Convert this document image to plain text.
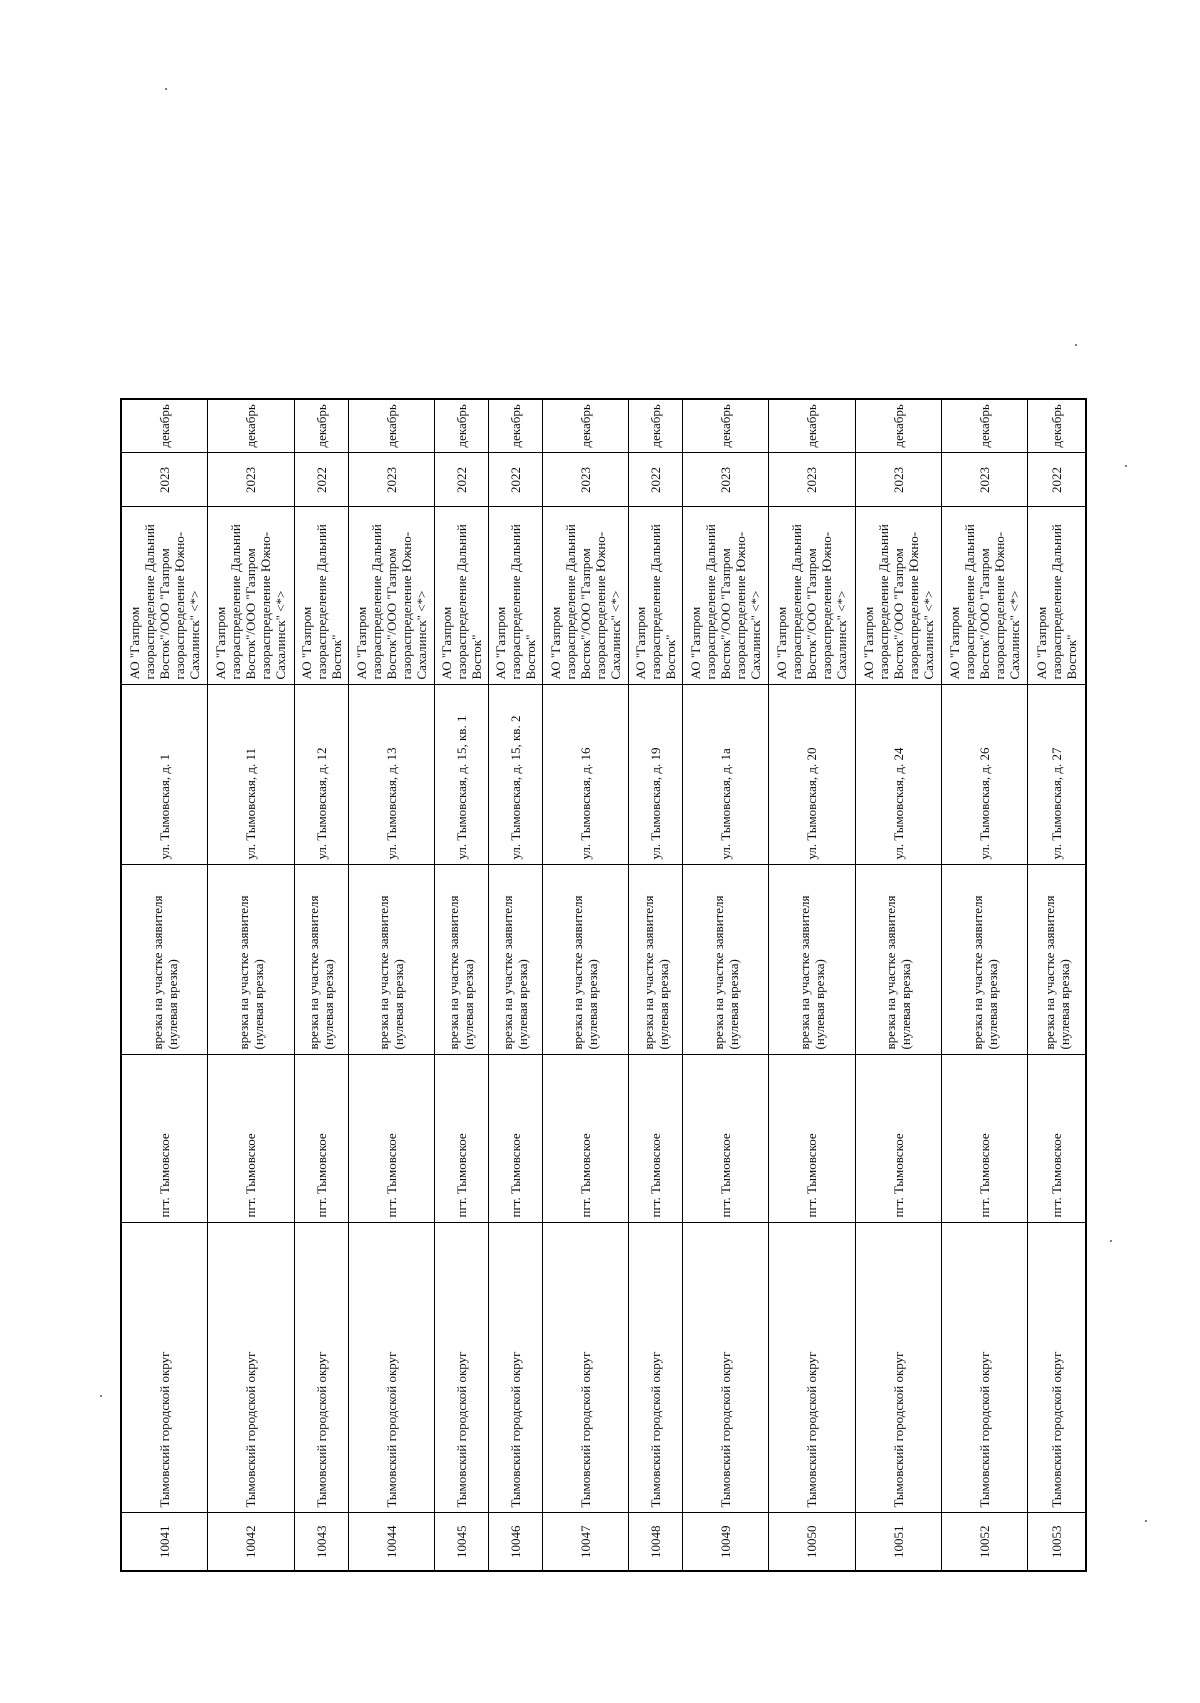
10041	Тымовский городской округ	пгт. Тымовское	врезка на участке заявителя (нулевая врезка)	ул. Тымовская, д. 1	АО "Газпром газораспределение Дальний Восток"/ООО "Газпром газораспределение Южно-Сахалинск" <*>	2023	декабрь
10042	Тымовский городской округ	пгт. Тымовское	врезка на участке заявителя (нулевая врезка)	ул. Тымовская, д. 11	АО "Газпром газораспределение Дальний Восток"/ООО "Газпром газораспределение Южно-Сахалинск" <*>	2023	декабрь
10043	Тымовский городской округ	пгт. Тымовское	врезка на участке заявителя (нулевая врезка)	ул. Тымовская, д. 12	АО "Газпром газораспределение Дальний Восток"	2022	декабрь
10044	Тымовский городской округ	пгт. Тымовское	врезка на участке заявителя (нулевая врезка)	ул. Тымовская, д. 13	АО "Газпром газораспределение Дальний Восток"/ООО "Газпром газораспределение Южно-Сахалинск" <*>	2023	декабрь
10045	Тымовский городской округ	пгт. Тымовское	врезка на участке заявителя (нулевая врезка)	ул. Тымовская, д. 15, кв. 1	АО "Газпром газораспределение Дальний Восток"	2022	декабрь
10046	Тымовский городской округ	пгт. Тымовское	врезка на участке заявителя (нулевая врезка)	ул. Тымовская, д. 15, кв. 2	АО "Газпром газораспределение Дальний Восток"	2022	декабрь
10047	Тымовский городской округ	пгт. Тымовское	врезка на участке заявителя (нулевая врезка)	ул. Тымовская, д. 16	АО "Газпром газораспределение Дальний Восток"/ООО "Газпром газораспределение Южно-Сахалинск" <*>	2023	декабрь
10048	Тымовский городской округ	пгт. Тымовское	врезка на участке заявителя (нулевая врезка)	ул. Тымовская, д. 19	АО "Газпром газораспределение Дальний Восток"	2022	декабрь
10049	Тымовский городской округ	пгт. Тымовское	врезка на участке заявителя (нулевая врезка)	ул. Тымовская, д. 1а	АО "Газпром газораспределение Дальний Восток"/ООО "Газпром газораспределение Южно-Сахалинск" <*>	2023	декабрь
10050	Тымовский городской округ	пгт. Тымовское	врезка на участке заявителя (нулевая врезка)	ул. Тымовская, д. 20	АО "Газпром газораспределение Дальний Восток"/ООО "Газпром газораспределение Южно-Сахалинск" <*>	2023	декабрь
10051	Тымовский городской округ	пгт. Тымовское	врезка на участке заявителя (нулевая врезка)	ул. Тымовская, д. 24	АО "Газпром газораспределение Дальний Восток"/ООО "Газпром газораспределение Южно-Сахалинск" <*>	2023	декабрь
10052	Тымовский городской округ	пгт. Тымовское	врезка на участке заявителя (нулевая врезка)	ул. Тымовская, д. 26	АО "Газпром газораспределение Дальний Восток"/ООО "Газпром газораспределение Южно-Сахалинск" <*>	2023	декабрь
10053	Тымовский городской округ	пгт. Тымовское	врезка на участке заявителя (нулевая врезка)	ул. Тымовская, д. 27	АО "Газпром газораспределение Дальний Восток"	2022	декабрь
